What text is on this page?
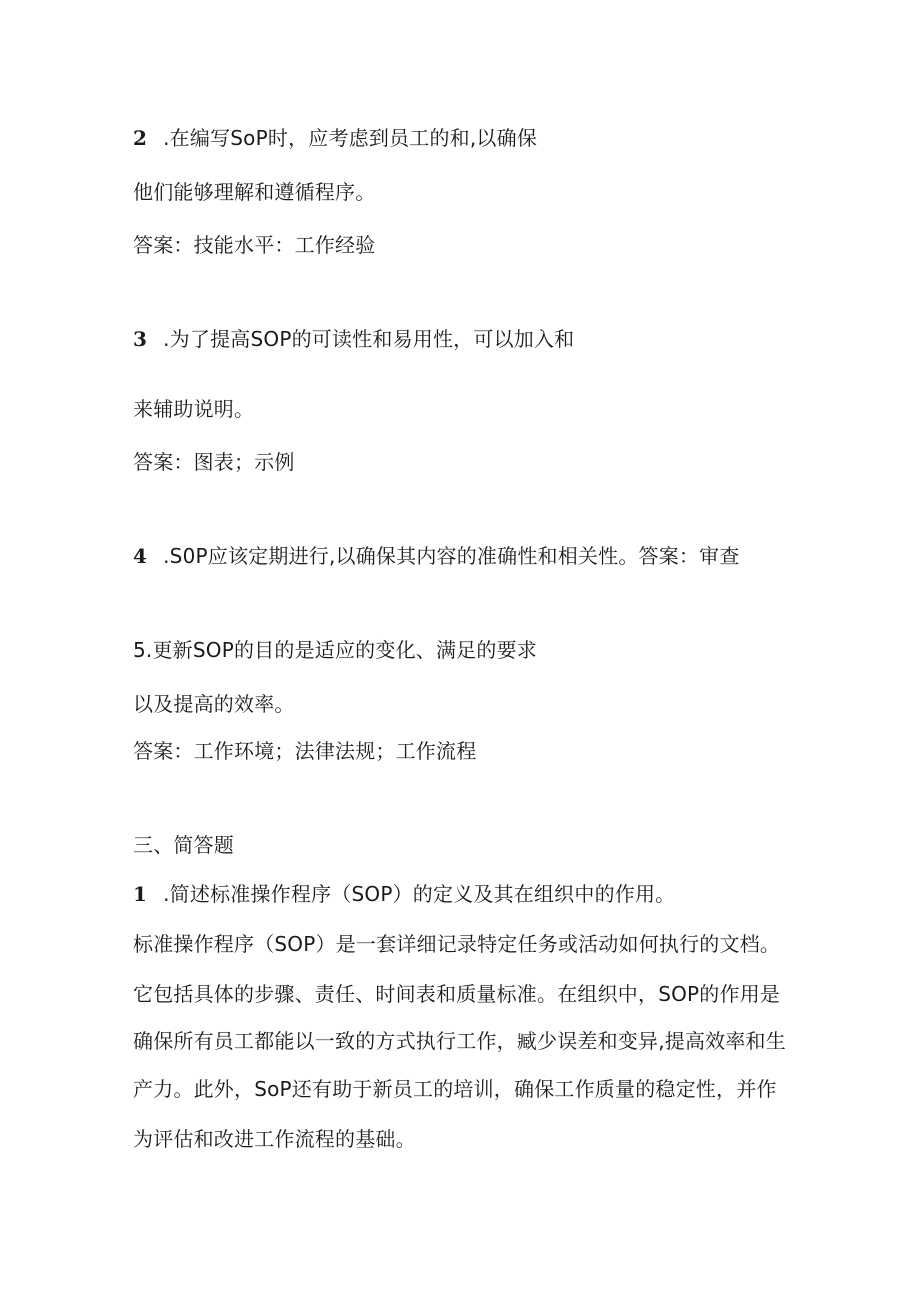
2 .在编写SoP时，应考虑到员工的和,以确保
他们能够理解和遵循程序。
答案：技能水平：工作经验
3 .为了提高SOP的可读性和易用性，可以加入和
来辅助说明。
答案：图表；示例
4 .S0P应该定期进行,以确保其内容的准确性和相关性。答案：审查
5.更新SOP的目的是适应的变化、满足的要求
以及提高的效率。
答案：工作环境；法律法规；工作流程
三、简答题
1 .简述标准操作程序（SOP）的定义及其在组织中的作用。
标准操作程序（SOP）是一套详细记录特定任务或活动如何执行的文档。
它包括具体的步骤、责任、时间表和质量标准。在组织中，SOP的作用是
确保所有员工都能以一致的方式执行工作，臧少误差和变异,提高效率和生
产力。此外，SoP还有助于新员工的培训，确保工作质量的稳定性，并作
为评估和改进工作流程的基础。
